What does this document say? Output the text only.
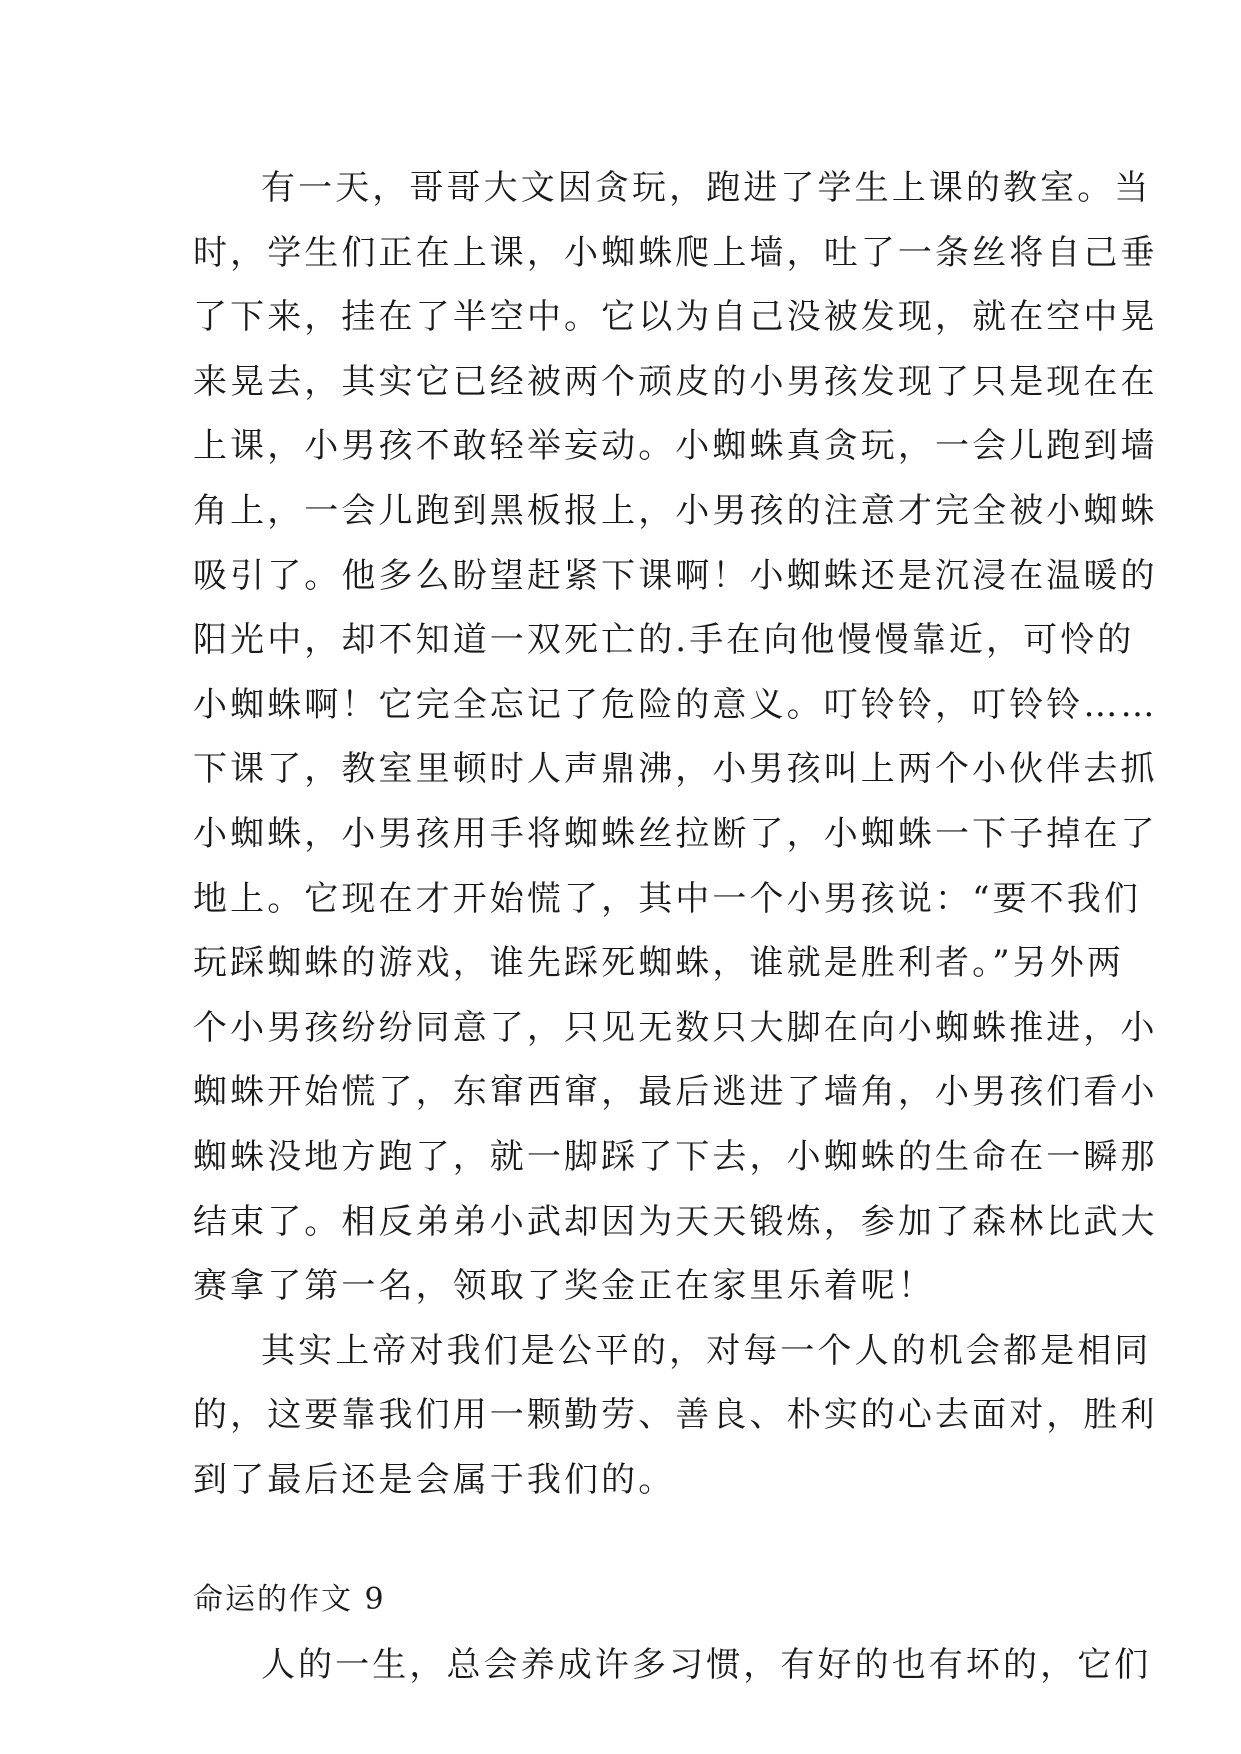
有一天，哥哥大文因贪玩，跑进了学生上课的教室。当
时，学生们正在上课，小蜘蛛爬上墙，吐了一条丝将自己垂
了下来，挂在了半空中。它以为自己没被发现，就在空中晃
来晃去，其实它已经被两个顽皮的小男孩发现了只是现在在
上课，小男孩不敢轻举妄动。小蜘蛛真贪玩，一会儿跑到墙
角上，一会儿跑到黑板报上，小男孩的注意才完全被小蜘蛛
吸引了。他多么盼望赶紧下课啊！小蜘蛛还是沉浸在温暖的
阳光中，却不知道一双死亡的.手在向他慢慢靠近，可怜的
小蜘蛛啊！它完全忘记了危险的意义。叮铃铃，叮铃铃……
下课了，教室里顿时人声鼎沸，小男孩叫上两个小伙伴去抓
小蜘蛛，小男孩用手将蜘蛛丝拉断了，小蜘蛛一下子掉在了
地上。它现在才开始慌了，其中一个小男孩说：“要不我们
玩踩蜘蛛的游戏，谁先踩死蜘蛛，谁就是胜利者。”另外两
个小男孩纷纷同意了，只见无数只大脚在向小蜘蛛推进，小
蜘蛛开始慌了，东窜西窜，最后逃进了墙角，小男孩们看小
蜘蛛没地方跑了，就一脚踩了下去，小蜘蛛的生命在一瞬那
结束了。相反弟弟小武却因为天天锻炼，参加了森林比武大
赛拿了第一名，领取了奖金正在家里乐着呢！
其实上帝对我们是公平的，对每一个人的机会都是相同
的，这要靠我们用一颗勤劳、善良、朴实的心去面对，胜利
到了最后还是会属于我们的。
命运的作文 9
人的一生，总会养成许多习惯，有好的也有坏的，它们
